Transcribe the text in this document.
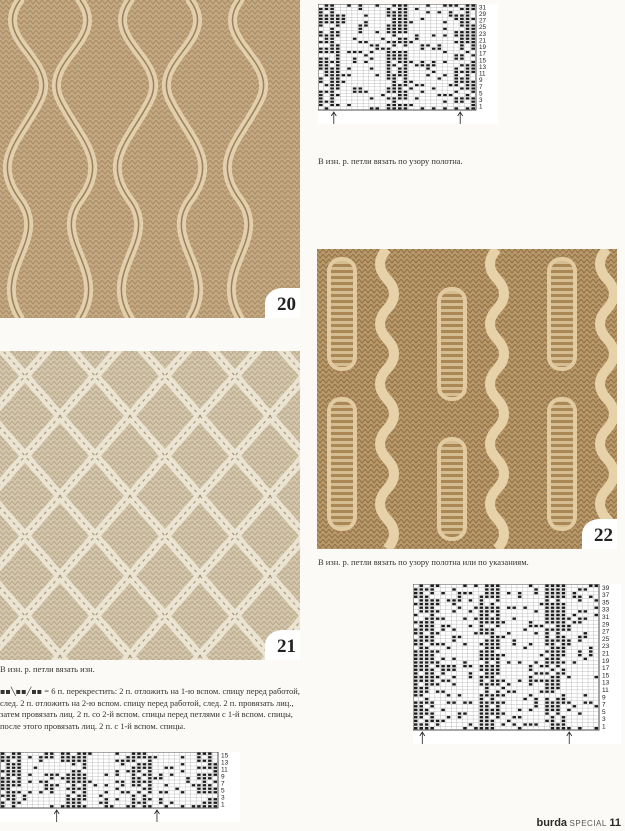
20
31
29
27
25
23
21
19
17
15
13
11
9
7
5
3
1
В изн. р. петли вязать по узору полотна.
22
В изн. р. петли вязать по узору полотна или по указаниям.
21
В изн. р. петли вязать изн.
▪▪╲▪▪╱▪▪ = 6 п. перекрестить: 2 п. отложить на 1-ю вспом. спицу перед работой, след. 2 п. отложить на 2-ю вспом. спицу перед работой, след. 2 п. провязать лиц., затем провязать лиц. 2 п. со 2-й вспом. спицы перед петлями с 1-й вспом. спицы, после этого провязать лиц. 2 п. с 1-й вспом. спицы.
39
37
35
33
31
29
27
25
23
21
19
17
15
13
11
9
7
5
3
1
15
13
11
9
7
5
3
1
burda SPECIAL 11
